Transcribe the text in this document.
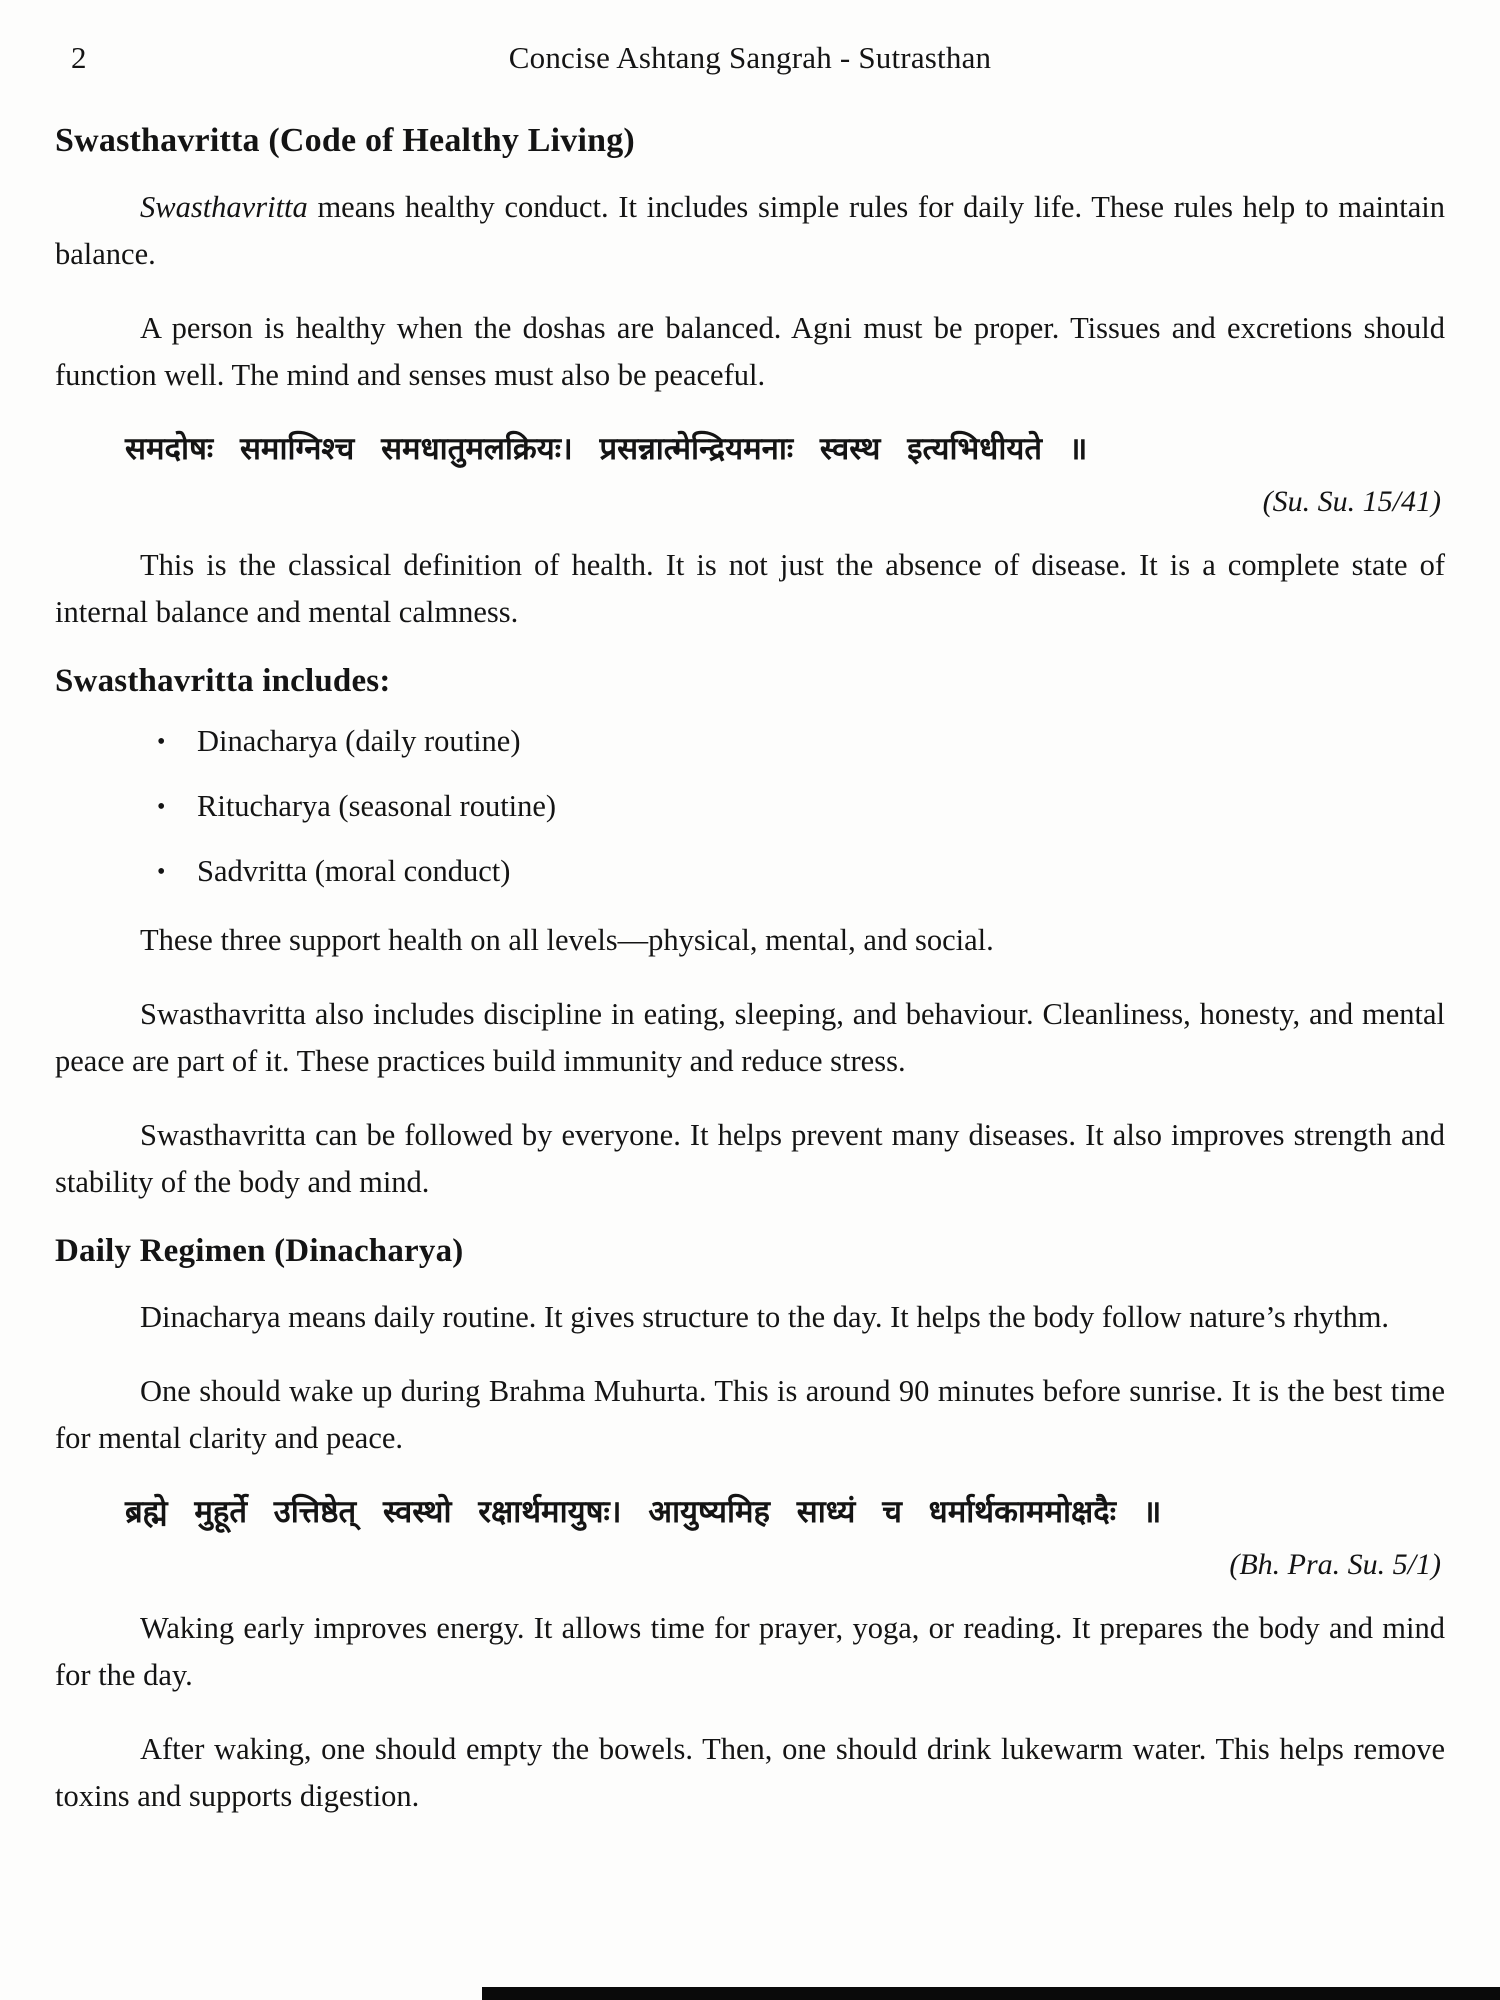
2	Concise Ashtang Sangrah - Sutrasthan
Swasthavritta (Code of Healthy Living)

Swasthavritta means healthy conduct. It includes simple rules for daily life. These rules help to maintain balance.

A person is healthy when the doshas are balanced. Agni must be proper. Tissues and excretions should function well. The mind and senses must also be peaceful.

समदोषः समाग्निश्च समधातुमलक्रियः। प्रसन्नात्मेन्द्रियमनाः स्वस्थ इत्यभिधीयते ॥
(Su. Su. 15/41)

This is the classical definition of health. It is not just the absence of disease. It is a complete state of internal balance and mental calmness.

Swasthavritta includes:
• Dinacharya (daily routine)
• Ritucharya (seasonal routine)
• Sadvritta (moral conduct)

These three support health on all levels—physical, mental, and social.

Swasthavritta also includes discipline in eating, sleeping, and behaviour. Cleanliness, honesty, and mental peace are part of it. These practices build immunity and reduce stress.

Swasthavritta can be followed by everyone. It helps prevent many diseases. It also improves strength and stability of the body and mind.

Daily Regimen (Dinacharya)

Dinacharya means daily routine. It gives structure to the day. It helps the body follow nature’s rhythm.

One should wake up during Brahma Muhurta. This is around 90 minutes before sunrise. It is the best time for mental clarity and peace.

ब्रह्मे मुहूर्ते उत्तिष्ठेत् स्वस्थो रक्षार्थमायुषः। आयुष्यमिह साध्यं च धर्मार्थकाममोक्षदैः ॥
(Bh. Pra. Su. 5/1)

Waking early improves energy. It allows time for prayer, yoga, or reading. It prepares the body and mind for the day.

After waking, one should empty the bowels. Then, one should drink lukewarm water. This helps remove toxins and supports digestion.
